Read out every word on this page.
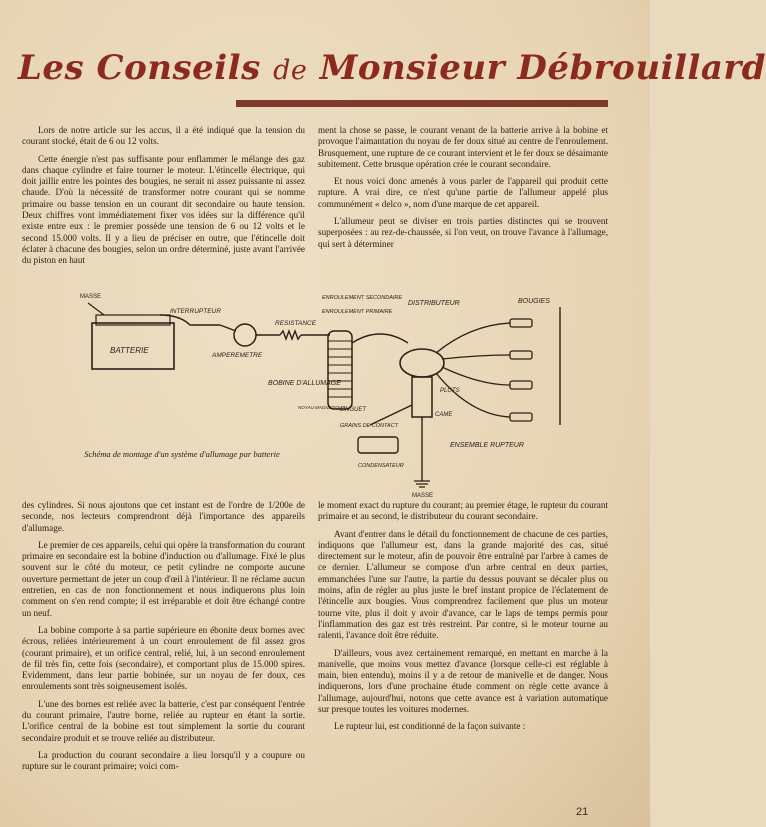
Les Conseils de Monsieur Débrouillard

Lors de notre article sur les accus, il a été indiqué que la tension du courant stocké, était de 6 ou 12 volts.

Cette énergie n'est pas suffisante pour enflammer le mélange des gaz dans chaque cylindre et faire tourner le moteur. L'étincelle électrique, qui doit jaillir entre les pointes des bougies, ne serait ni assez puissante ni assez chaude. D'où la nécessité de transformer notre courant qui se nomme primaire ou basse tension en un courant dit secondaire ou haute tension. Deux chiffres vont immédiatement fixer vos idées sur la différence qu'il existe entre eux : le premier possède une tension de 6 ou 12 volts et le second 15.000 volts. Il y a lieu de préciser en outre, que l'étincelle doit éclater à chacune des bougies, selon un ordre déterminé, juste avant l'arrivée du piston en haut

ment la chose se passe, le courant venant de la batterie arrive à la bobine et provoque l'aimantation du noyau de fer doux situé au centre de l'enroulement. Brusquement, une rupture de ce courant intervient et le fer doux se désaimante subitement. Cette brusque opération crée le courant secondaire.

Et nous voici donc amenés à vous parler de l'appareil qui produit cette rupture. A vrai dire, ce n'est qu'une partie de l'allumeur appelé plus communément « delco », nom d'une marque de cet appareil.

L'allumeur peut se diviser en trois parties distinctes qui se trouvent superposées : au rez-de-chaussée, si l'on veut, on trouve l'avance à l'allumage, qui sert à déterminer

MASSE
BATTERIE
INTERRUPTEUR
AMPEREMETRE
RESISTANCE
ENROULEMENT SECONDAIRE
ENROULEMENT PRIMAIRE
BOBINE D'ALLUMAGE
NOYAU MAGNETIQUE
DISTRIBUTEUR
PLOTS
BOUGIES
LINGUET
CAME
GRAINS DE CONTACT
CONDENSATEUR
ENSEMBLE RUPTEUR
MASSE
Schéma de montage d'un système d'allumage par batterie

des cylindres. Si nous ajoutons que cet instant est de l'ordre de 1/200e de seconde, nos lecteurs comprendront déjà l'importance des appareils d'allumage.

Le premier de ces appareils, celui qui opère la transformation du courant primaire en secondaire est la bobine d'induction ou d'allumage. Fixé le plus souvent sur le côté du moteur, ce petit cylindre ne comporte aucune ouverture permettant de jeter un coup d'œil à l'intérieur. Il ne réclame aucun entretien, en cas de non fonctionnement et nous indiquerons plus loin comment on s'en rend compte; il est irréparable et doit être échangé contre un neuf.

La bobine comporte à sa partie supérieure en ébonite deux bornes avec écrous, reliées intérieurement à un court enroulement de fil assez gros (courant primaire), et un orifice central, relié, lui, à un second enroulement de fil très fin, cette fois (secondaire), et comportant plus de 15.000 spires. Evidemment, dans leur partie bobinée, sur un noyau de fer doux, ces enroulements sont très soigneusement isolés.

L'une des bornes est reliée avec la batterie, c'est par conséquent l'entrée du courant primaire, l'autre borne, reliée au rupteur en étant la sortie. L'orifice central de la bobine est tout simplement la sortie du courant secondaire produit et se trouve reliée au distributeur.

La production du courant secondaire a lieu lorsqu'il y a coupure ou rupture sur le courant primaire; voici com-

le moment exact du rupture du courant; au premier étage, le rupteur du courant primaire et au second, le distributeur du courant secondaire.

Avant d'entrer dans le détail du fonctionnement de chacune de ces parties, indiquons que l'allumeur est, dans la grande majorité des cas, situé directement sur le moteur, afin de pouvoir être entraîné par l'arbre à cames de ce dernier. L'allumeur se compose d'un arbre central en deux parties, emmanchées l'une sur l'autre, la partie du dessus pouvant se décaler plus ou moins, afin de régler au plus juste le bref instant propice de l'éclatement de l'étincelle aux bougies. Vous comprendrez facilement que plus un moteur tourne vite, plus il doit y avoir d'avance, car le laps de temps permis pour l'inflammation des gaz est très restreint. Par contre, si le moteur tourne au ralenti, l'avance doit être réduite.

D'ailleurs, vous avez certainement remarqué, en mettant en marche à la manivelle, que moins vous mettez d'avance (lorsque celle-ci est réglable à main, bien entendu), moins il y a de retour de manivelle et de danger. Nous indiquerons, lors d'une prochaine étude comment on règle cette avance à l'allumage, aujourd'hui, notons que cette avance est à variation automatique sur presque toutes les voitures modernes.

Le rupteur lui, est conditionné de la façon suivante :

21
